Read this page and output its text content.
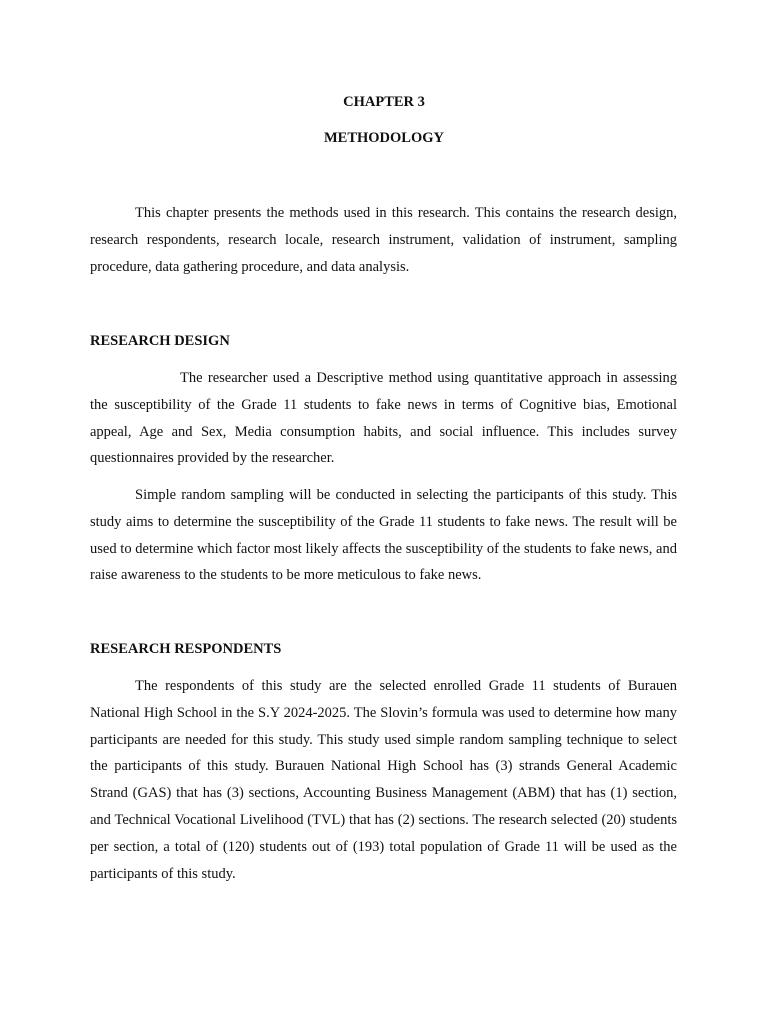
CHAPTER 3

METHODOLOGY

This chapter presents the methods used in this research. This contains the research design, research respondents, research locale, research instrument, validation of instrument, sampling procedure, data gathering procedure, and data analysis.

RESEARCH DESIGN

The researcher used a Descriptive method using quantitative approach in assessing the susceptibility of the Grade 11 students to fake news in terms of Cognitive bias, Emotional appeal, Age and Sex, Media consumption habits, and social influence. This includes survey questionnaires provided by the researcher.

Simple random sampling will be conducted in selecting the participants of this study. This study aims to determine the susceptibility of the Grade 11 students to fake news. The result will be used to determine which factor most likely affects the susceptibility of the students to fake news, and raise awareness to the students to be more meticulous to fake news.

RESEARCH RESPONDENTS

The respondents of this study are the selected enrolled Grade 11 students of Burauen National High School in the S.Y 2024-2025. The Slovin’s formula was used to determine how many participants are needed for this study. This study used simple random sampling technique to select the participants of this study. Burauen National High School has (3) strands General Academic Strand (GAS) that has (3) sections, Accounting Business Management (ABM) that has (1) section, and Technical Vocational Livelihood (TVL) that has (2) sections. The research selected (20) students per section, a total of (120) students out of (193) total population of Grade 11 will be used as the participants of this study.
